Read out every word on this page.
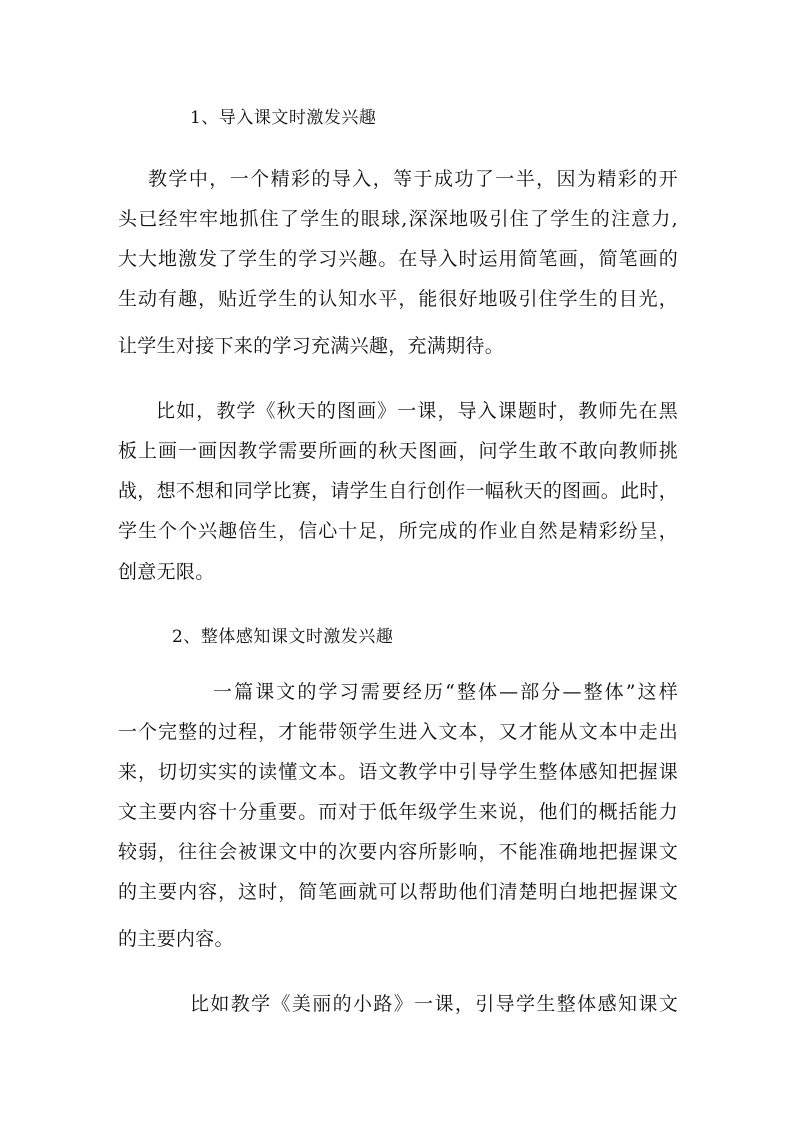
1、导入课文时激发兴趣
教学中，一个精彩的导入，等于成功了一半，因为精彩的开
头已经牢牢地抓住了学生的眼球,深深地吸引住了学生的注意力,
大大地激发了学生的学习兴趣。在导入时运用简笔画，简笔画的
生动有趣，贴近学生的认知水平，能很好地吸引住学生的目光，
让学生对接下来的学习充满兴趣，充满期待。
比如，教学《秋天的图画》一课，导入课题时，教师先在黑
板上画一画因教学需要所画的秋天图画，问学生敢不敢向教师挑
战，想不想和同学比赛，请学生自行创作一幅秋天的图画。此时，
学生个个兴趣倍生，信心十足，所完成的作业自然是精彩纷呈，
创意无限。
2、整体感知课文时激发兴趣
一篇课文的学习需要经历“整体—部分—整体”这样
一个完整的过程，才能带领学生进入文本，又才能从文本中走出
来，切切实实的读懂文本。语文教学中引导学生整体感知把握课
文主要内容十分重要。而对于低年级学生来说，他们的概括能力
较弱，往往会被课文中的次要内容所影响，不能准确地把握课文
的主要内容，这时，简笔画就可以帮助他们清楚明白地把握课文
的主要内容。
比如教学《美丽的小路》一课，引导学生整体感知课文
